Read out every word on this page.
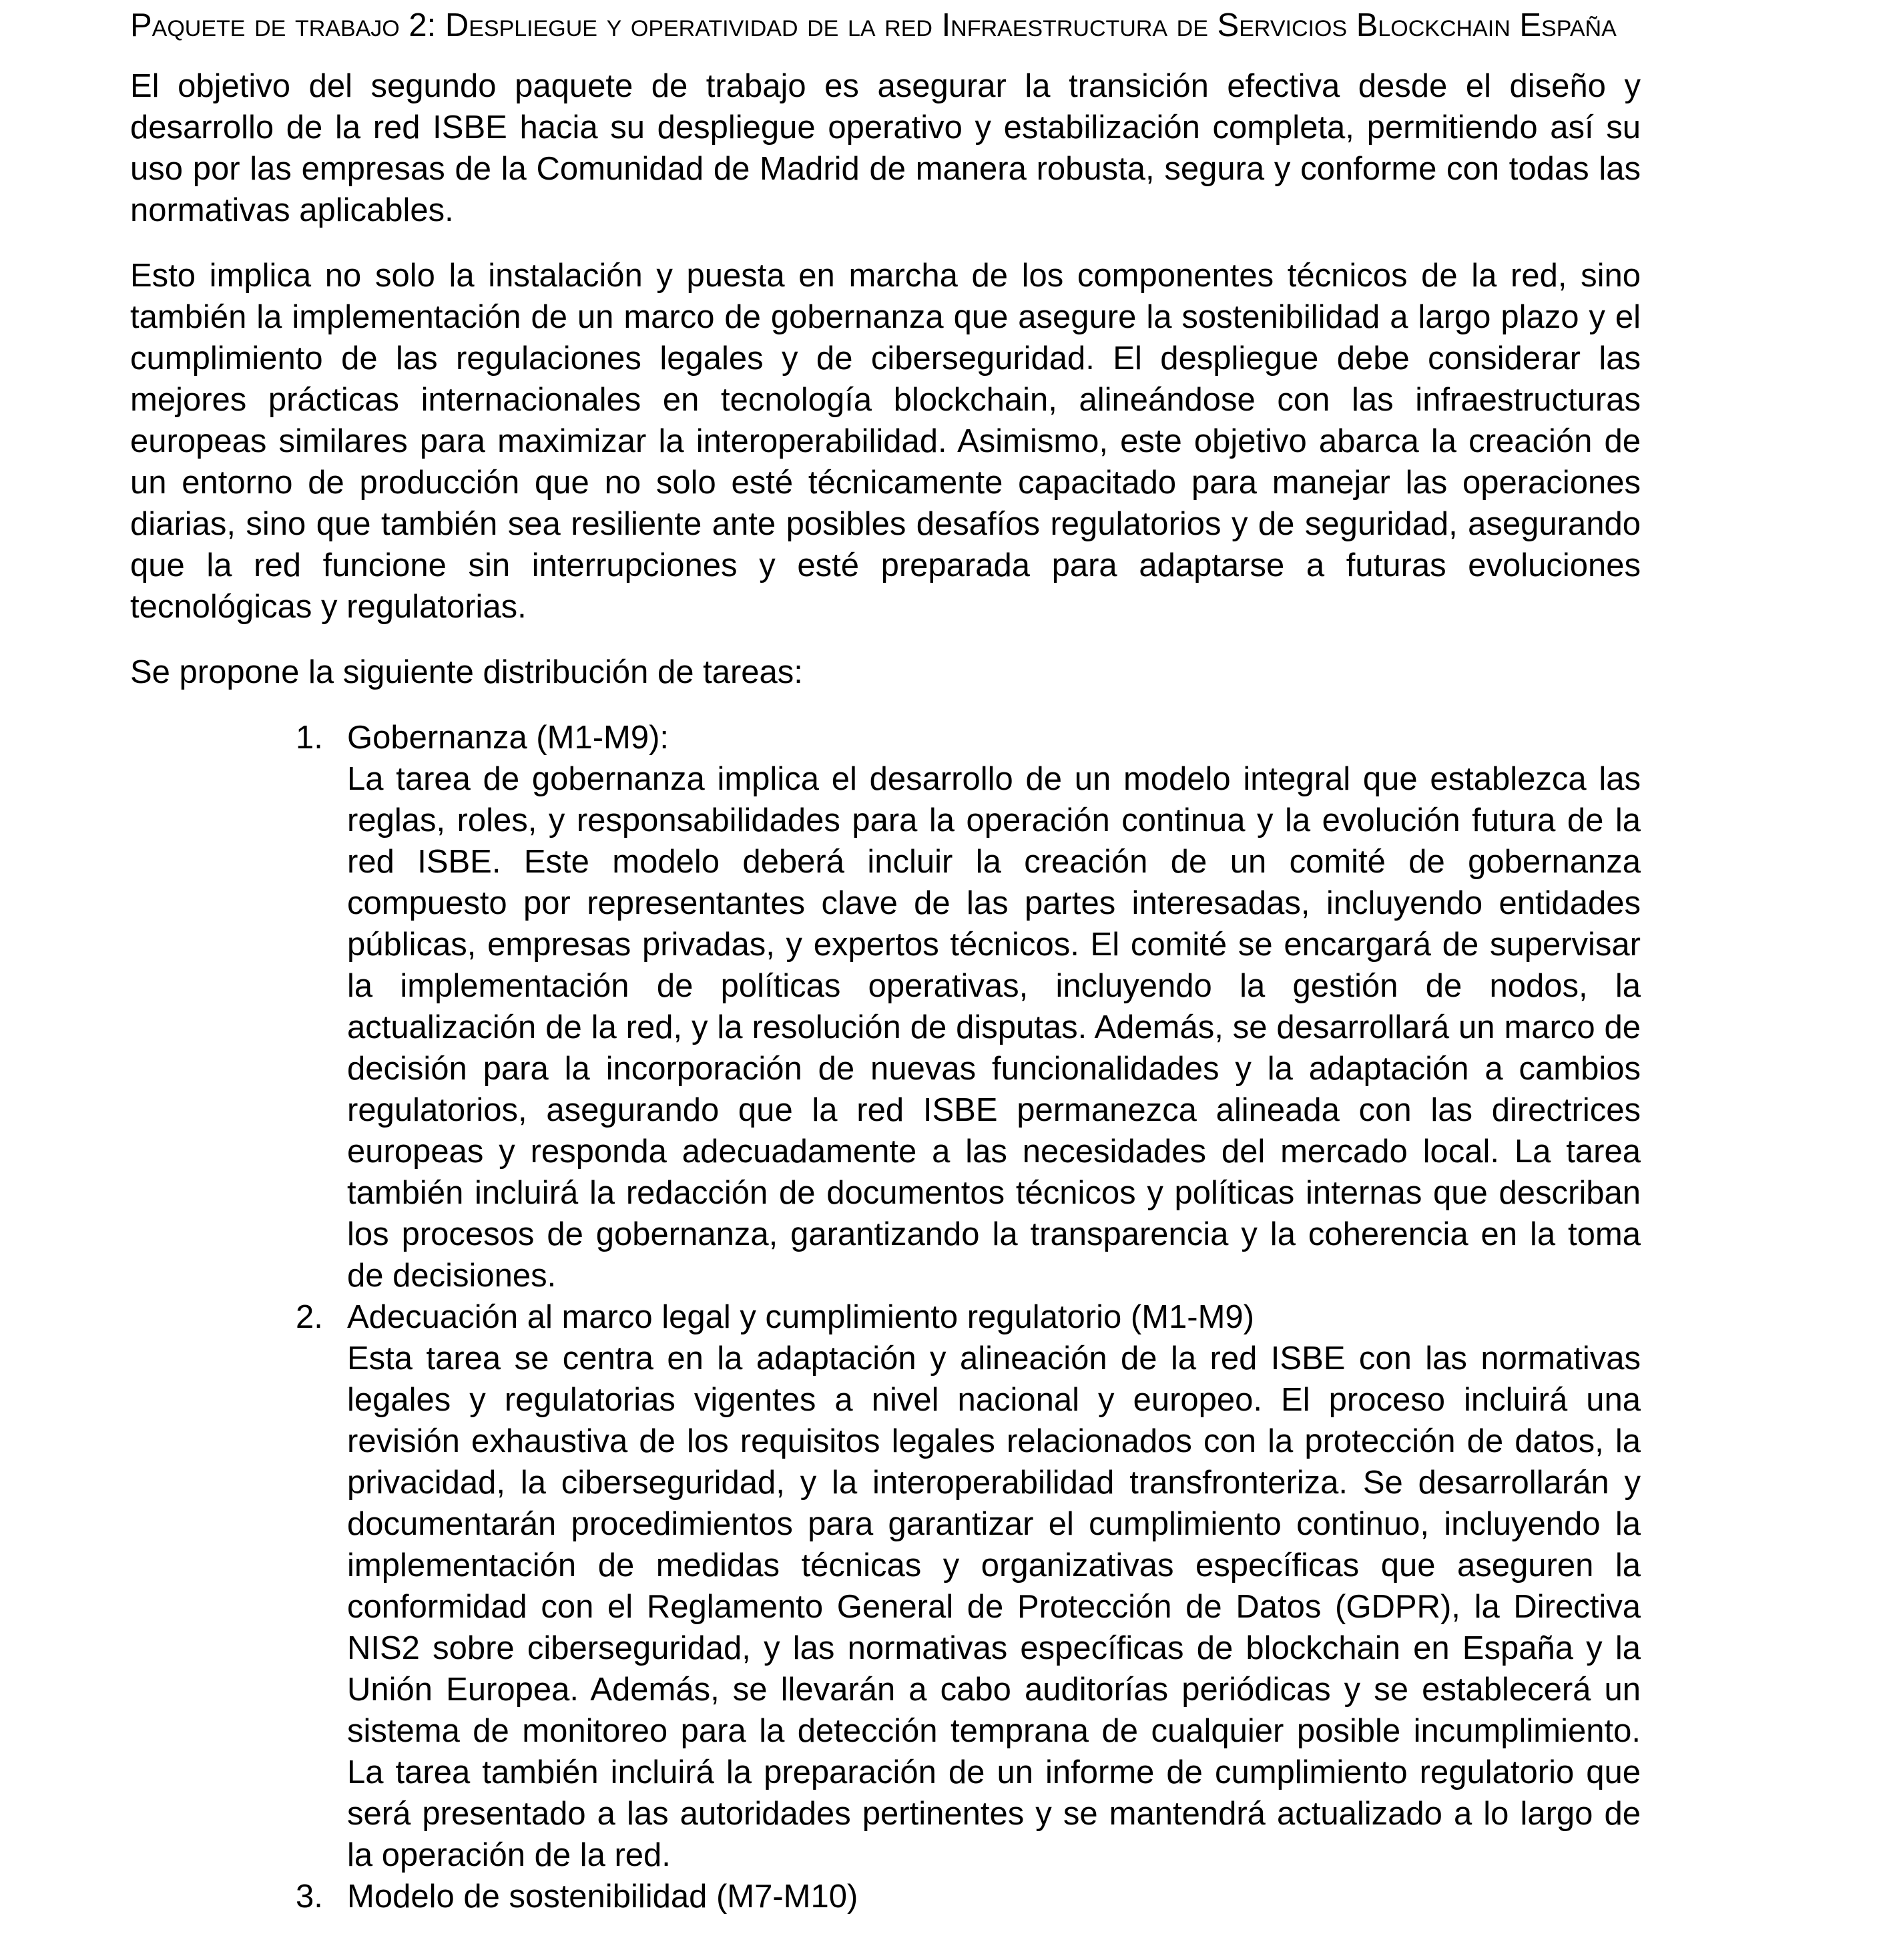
Paquete de trabajo 2: Despliegue y operatividad de la red Infraestructura de Servicios Blockchain España

El objetivo del segundo paquete de trabajo es asegurar la transición efectiva desde el diseño y desarrollo de la red ISBE hacia su despliegue operativo y estabilización completa, permitiendo así su uso por las empresas de la Comunidad de Madrid de manera robusta, segura y conforme con todas las normativas aplicables.

Esto implica no solo la instalación y puesta en marcha de los componentes técnicos de la red, sino también la implementación de un marco de gobernanza que asegure la sostenibilidad a largo plazo y el cumplimiento de las regulaciones legales y de ciberseguridad. El despliegue debe considerar las mejores prácticas internacionales en tecnología blockchain, alineándose con las infraestructuras europeas similares para maximizar la interoperabilidad. Asimismo, este objetivo abarca la creación de un entorno de producción que no solo esté técnicamente capacitado para manejar las operaciones diarias, sino que también sea resiliente ante posibles desafíos regulatorios y de seguridad, asegurando que la red funcione sin interrupciones y esté preparada para adaptarse a futuras evoluciones tecnológicas y regulatorias.

Se propone la siguiente distribución de tareas:

1. Gobernanza (M1-M9):
La tarea de gobernanza implica el desarrollo de un modelo integral que establezca las reglas, roles, y responsabilidades para la operación continua y la evolución futura de la red ISBE. Este modelo deberá incluir la creación de un comité de gobernanza compuesto por representantes clave de las partes interesadas, incluyendo entidades públicas, empresas privadas, y expertos técnicos. El comité se encargará de supervisar la implementación de políticas operativas, incluyendo la gestión de nodos, la actualización de la red, y la resolución de disputas. Además, se desarrollará un marco de decisión para la incorporación de nuevas funcionalidades y la adaptación a cambios regulatorios, asegurando que la red ISBE permanezca alineada con las directrices europeas y responda adecuadamente a las necesidades del mercado local. La tarea también incluirá la redacción de documentos técnicos y políticas internas que describan los procesos de gobernanza, garantizando la transparencia y la coherencia en la toma de decisiones.
2. Adecuación al marco legal y cumplimiento regulatorio (M1-M9)
Esta tarea se centra en la adaptación y alineación de la red ISBE con las normativas legales y regulatorias vigentes a nivel nacional y europeo. El proceso incluirá una revisión exhaustiva de los requisitos legales relacionados con la protección de datos, la privacidad, la ciberseguridad, y la interoperabilidad transfronteriza. Se desarrollarán y documentarán procedimientos para garantizar el cumplimiento continuo, incluyendo la implementación de medidas técnicas y organizativas específicas que aseguren la conformidad con el Reglamento General de Protección de Datos (GDPR), la Directiva NIS2 sobre ciberseguridad, y las normativas específicas de blockchain en España y la Unión Europea. Además, se llevarán a cabo auditorías periódicas y se establecerá un sistema de monitoreo para la detección temprana de cualquier posible incumplimiento. La tarea también incluirá la preparación de un informe de cumplimiento regulatorio que será presentado a las autoridades pertinentes y se mantendrá actualizado a lo largo de la operación de la red.
3. Modelo de sostenibilidad (M7-M10)
